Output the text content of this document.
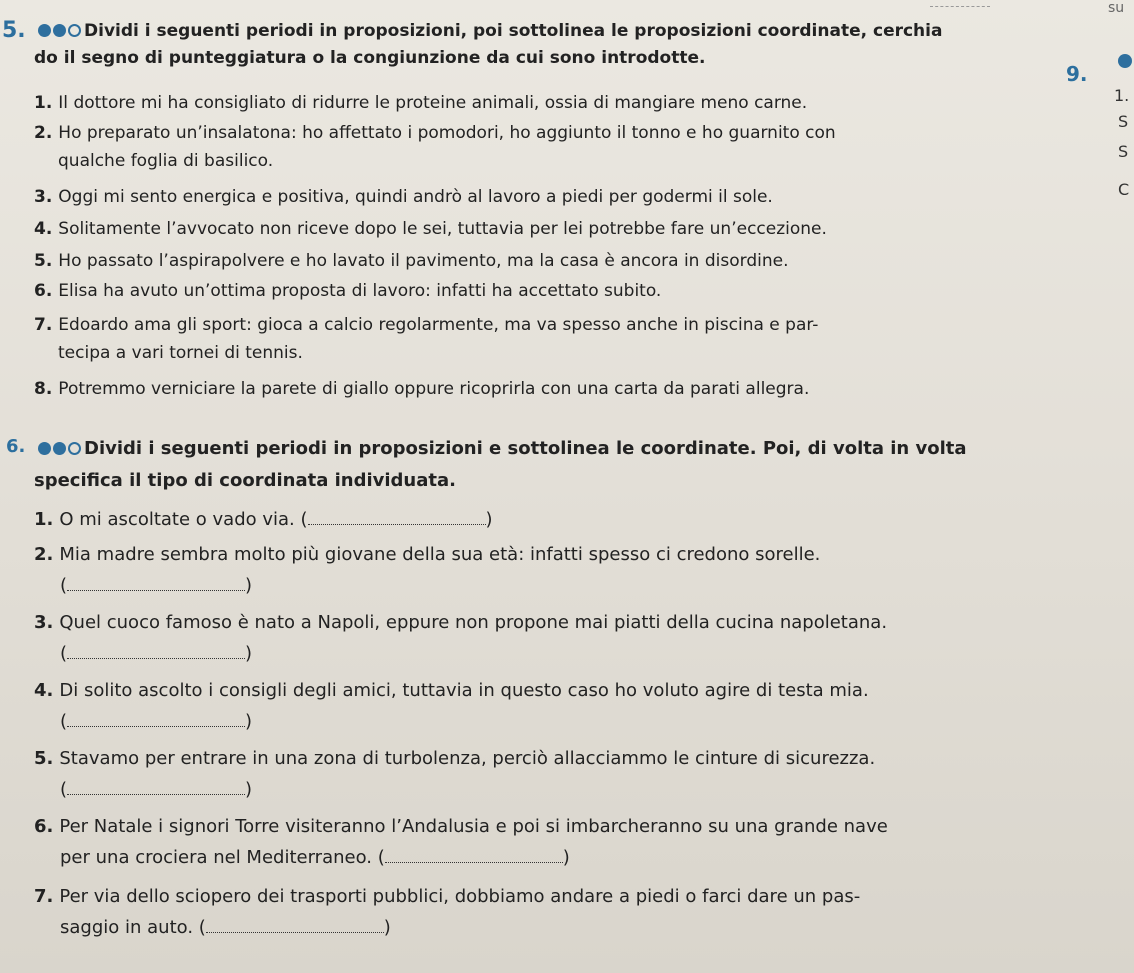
su
5.	Dividi i seguenti periodi in proposizioni, poi sottolinea le proposizioni coordinate, cerchia
do il segno di punteggiatura o la congiunzione da cui sono introdotte.
1. Il dottore mi ha consigliato di ridurre le proteine animali, ossia di mangiare meno carne.
2. Ho preparato un’insalatona: ho affettato i pomodori, ho aggiunto il tonno e ho guarnito con
qualche foglia di basilico.
3. Oggi mi sento energica e positiva, quindi andrò al lavoro a piedi per godermi il sole.
4. Solitamente l’avvocato non riceve dopo le sei, tuttavia per lei potrebbe fare un’eccezione.
5. Ho passato l’aspirapolvere e ho lavato il pavimento, ma la casa è ancora in disordine.
6. Elisa ha avuto un’ottima proposta di lavoro: infatti ha accettato subito.
7. Edoardo ama gli sport: gioca a calcio regolarmente, ma va spesso anche in piscina e par-
tecipa a vari tornei di tennis.
8. Potremmo verniciare la parete di giallo oppure ricoprirla con una carta da parati allegra.
6.	Dividi i seguenti periodi in proposizioni e sottolinea le coordinate. Poi, di volta in volta
specifica il tipo di coordinata individuata.
1. O mi ascoltate o vado via. (	)
2. Mia madre sembra molto più giovane della sua età: infatti spesso ci credono sorelle.
(	)
3. Quel cuoco famoso è nato a Napoli, eppure non propone mai piatti della cucina napoletana.
(	)
4. Di solito ascolto i consigli degli amici, tuttavia in questo caso ho voluto agire di testa mia.
(	)
5. Stavamo per entrare in una zona di turbolenza, perciò allacciammo le cinture di sicurezza.
(	)
6. Per Natale i signori Torre visiteranno l’Andalusia e poi si imbarcheranno su una grande nave
per una crociera nel Mediterraneo. (	)
7. Per via dello sciopero dei trasporti pubblici, dobbiamo andare a piedi o farci dare un pas-
saggio in auto. (	)
9.
1.
S
S
C
